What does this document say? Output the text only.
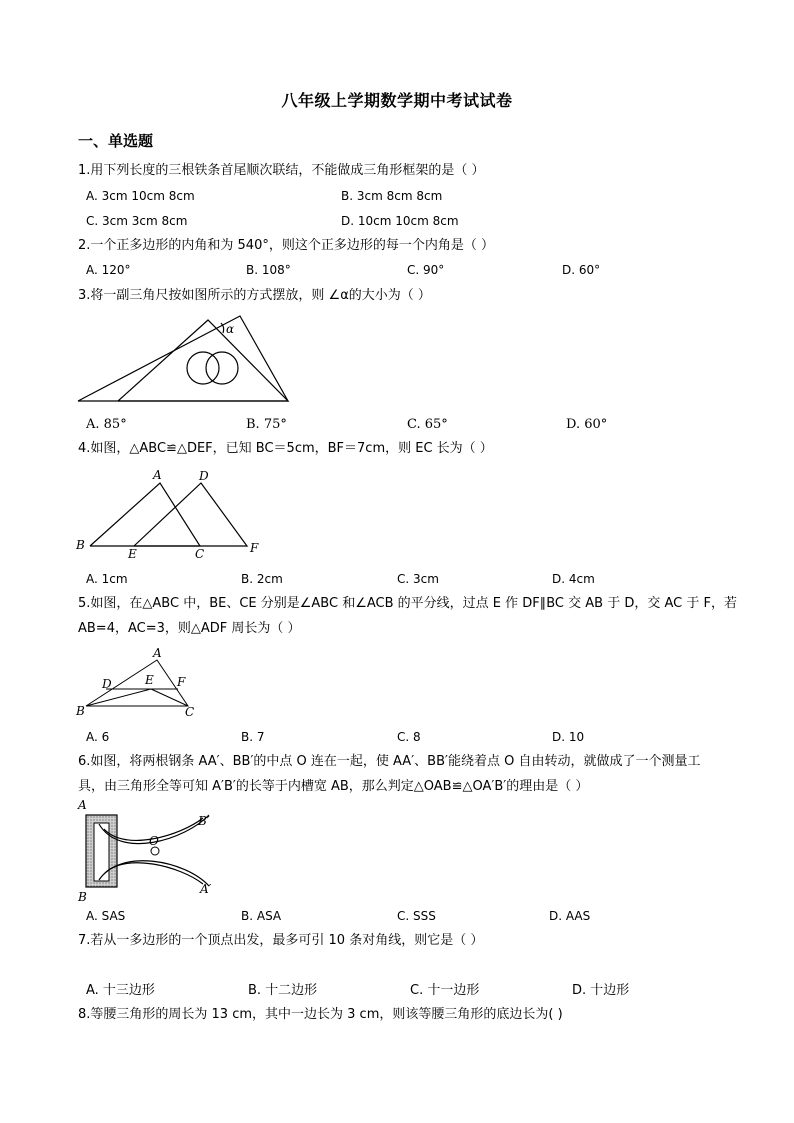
八年级上学期数学期中考试试卷
一、单选题
1.用下列长度的三根铁条首尾顺次联结，不能做成三角形框架的是（ ）
A. 3cm 10cm 8cm	B. 3cm 8cm 8cm
C. 3cm 3cm 8cm	D. 10cm 10cm 8cm
2.一个正多边形的内角和为 540°，则这个正多边形的每一个内角是（ ）
A. 120°	B. 108°	C. 90°	D. 60°
3.将一副三角尺按如图所示的方式摆放，则 ∠α的大小为（ ）
α
A. 85°	B. 75°	C. 65°	D. 60°
4.如图，△ABC≌△DEF，已知 BC＝5cm，BF＝7cm，则 EC 长为（ ）
A	D
B
E	C	F
A. 1cm	B. 2cm	C. 3cm	D. 4cm
5.如图，在△ABC 中，BE、CE 分别是∠ABC 和∠ACB 的平分线，过点 E 作 DF∥BC 交 AB 于 D，交 AC 于 F，若
AB=4，AC=3，则△ADF 周长为（ ）
A
D	E F
B	C
A. 6	B. 7	C. 8	D. 10
6.如图，将两根钢条 AA′、BB′的中点 O 连在一起，使 AA′、BB′能绕着点 O 自由转动，就做成了一个测量工
具，由三角形全等可知 A′B′的长等于内槽宽 AB，那么判定△OAB≌△OA′B′的理由是（ ）
A
B
O
B′
A′
A. SAS	B. ASA	C. SSS	D. AAS
7.若从一多边形的一个顶点出发，最多可引 10 条对角线，则它是（ ）
A. 十三边形	B. 十二边形	C. 十一边形	D. 十边形
8.等腰三角形的周长为 13 cm，其中一边长为 3 cm，则该等腰三角形的底边长为( )
